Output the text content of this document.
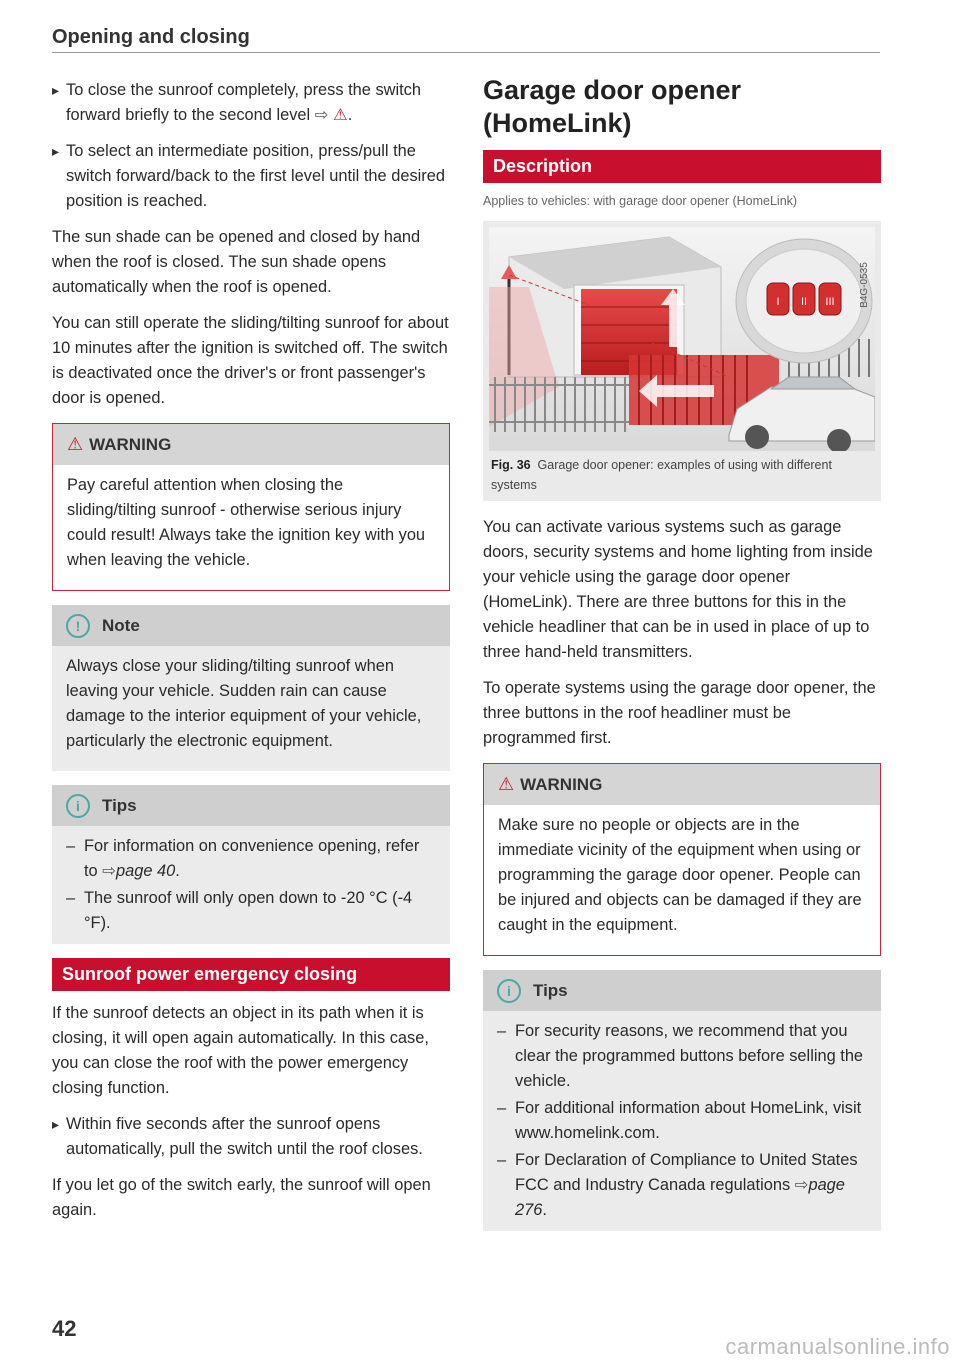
Opening and closing

▸ To close the sunroof completely, press the switch forward briefly to the second level ⇨ ⚠.

▸ To select an intermediate position, press/pull the switch forward/back to the first level until the desired position is reached.

The sun shade can be opened and closed by hand when the roof is closed. The sun shade opens automatically when the roof is opened.

You can still operate the sliding/tilting sunroof for about 10 minutes after the ignition is switched off. The switch is deactivated once the driver's or front passenger's door is opened.

⚠ WARNING

Pay careful attention when closing the sliding/tilting sunroof - otherwise serious injury could result! Always take the ignition key with you when leaving the vehicle.

!	Note

Always close your sliding/tilting sunroof when leaving your vehicle. Sudden rain can cause damage to the interior equipment of your vehicle, particularly the electronic equipment.

i	Tips

– For information on convenience opening, refer to ⇨page 40.

– The sunroof will only open down to -20 °C (-4 °F).

Sunroof power emergency closing

If the sunroof detects an object in its path when it is closing, it will open again automatically. In this case, you can close the roof with the power emergency closing function.

▸ Within five seconds after the sunroof opens automatically, pull the switch until the roof closes.

If you let go of the switch early, the sunroof will open again.

Garage door opener (HomeLink)
Description
Applies to vehicles: with garage door opener (HomeLink)
I II III B4G-0535
Fig. 36 Garage door opener: examples of using with different systems

You can activate various systems such as garage doors, security systems and home lighting from inside your vehicle using the garage door opener (HomeLink). There are three buttons for this in the vehicle headliner that can be in used in place of up to three hand-held transmitters.

To operate systems using the garage door opener, the three buttons in the roof headliner must be programmed first.

⚠ WARNING

Make sure no people or objects are in the immediate vicinity of the equipment when using or programming the garage door opener. People can be injured and objects can be damaged if they are caught in the equipment.

i	Tips

– For security reasons, we recommend that you clear the programmed buttons before selling the vehicle.

– For additional information about HomeLink, visit www.homelink.com.

– For Declaration of Compliance to United States FCC and Industry Canada regulations ⇨page 276.

42
carmanualsonline.info
